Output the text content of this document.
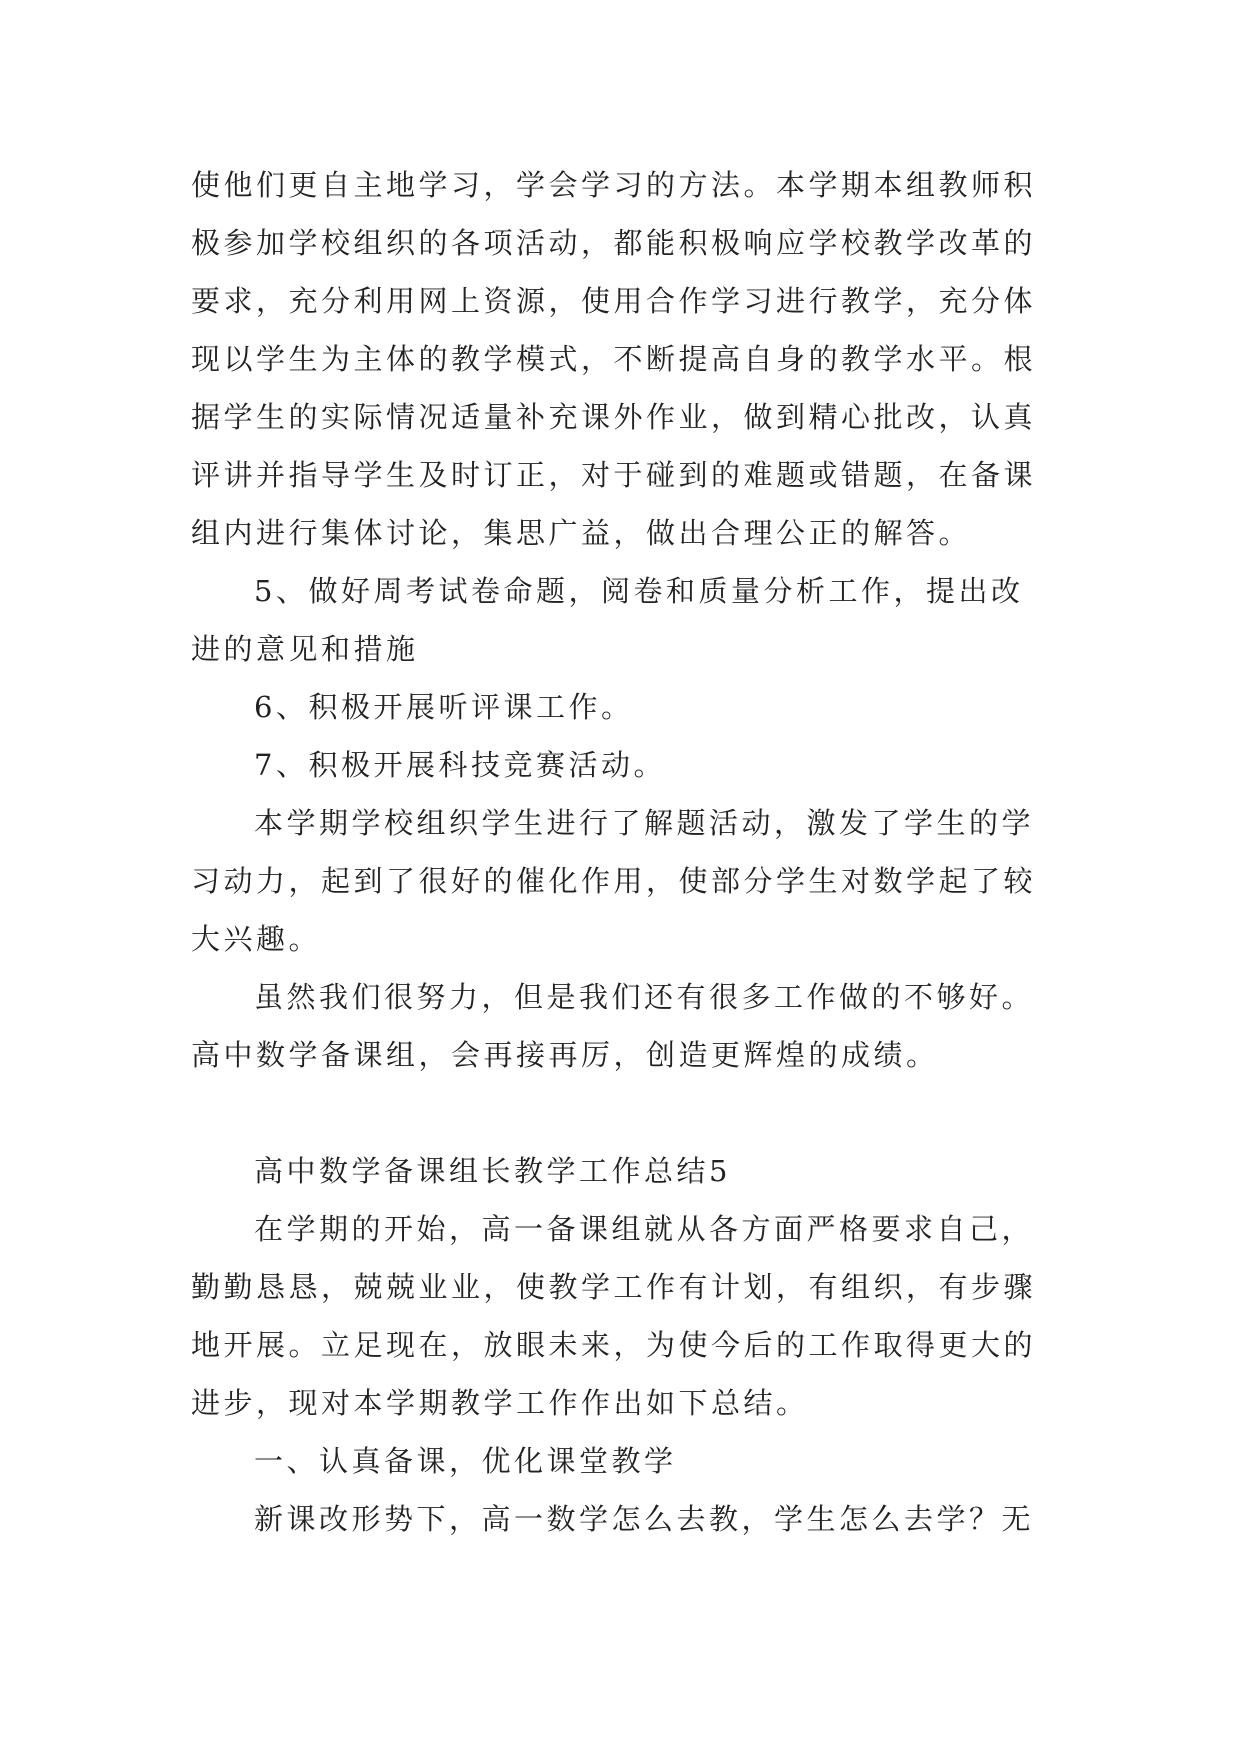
使他们更自主地学习，学会学习的方法。本学期本组教师积
极参加学校组织的各项活动，都能积极响应学校教学改革的
要求，充分利用网上资源，使用合作学习进行教学，充分体
现以学生为主体的教学模式，不断提高自身的教学水平。根
据学生的实际情况适量补充课外作业，做到精心批改，认真
评讲并指导学生及时订正，对于碰到的难题或错题，在备课
组内进行集体讨论，集思广益，做出合理公正的解答。
5、做好周考试卷命题，阅卷和质量分析工作，提出改
进的意见和措施
6、积极开展听评课工作。
7、积极开展科技竞赛活动。
本学期学校组织学生进行了解题活动，激发了学生的学
习动力，起到了很好的催化作用，使部分学生对数学起了较
大兴趣。
虽然我们很努力，但是我们还有很多工作做的不够好。
高中数学备课组，会再接再厉，创造更辉煌的成绩。
高中数学备课组长教学工作总结5
在学期的开始，高一备课组就从各方面严格要求自己，
勤勤恳恳，兢兢业业，使教学工作有计划，有组织，有步骤
地开展。立足现在，放眼未来，为使今后的工作取得更大的
进步，现对本学期教学工作作出如下总结。
一、认真备课，优化课堂教学
新课改形势下，高一数学怎么去教，学生怎么去学？无
